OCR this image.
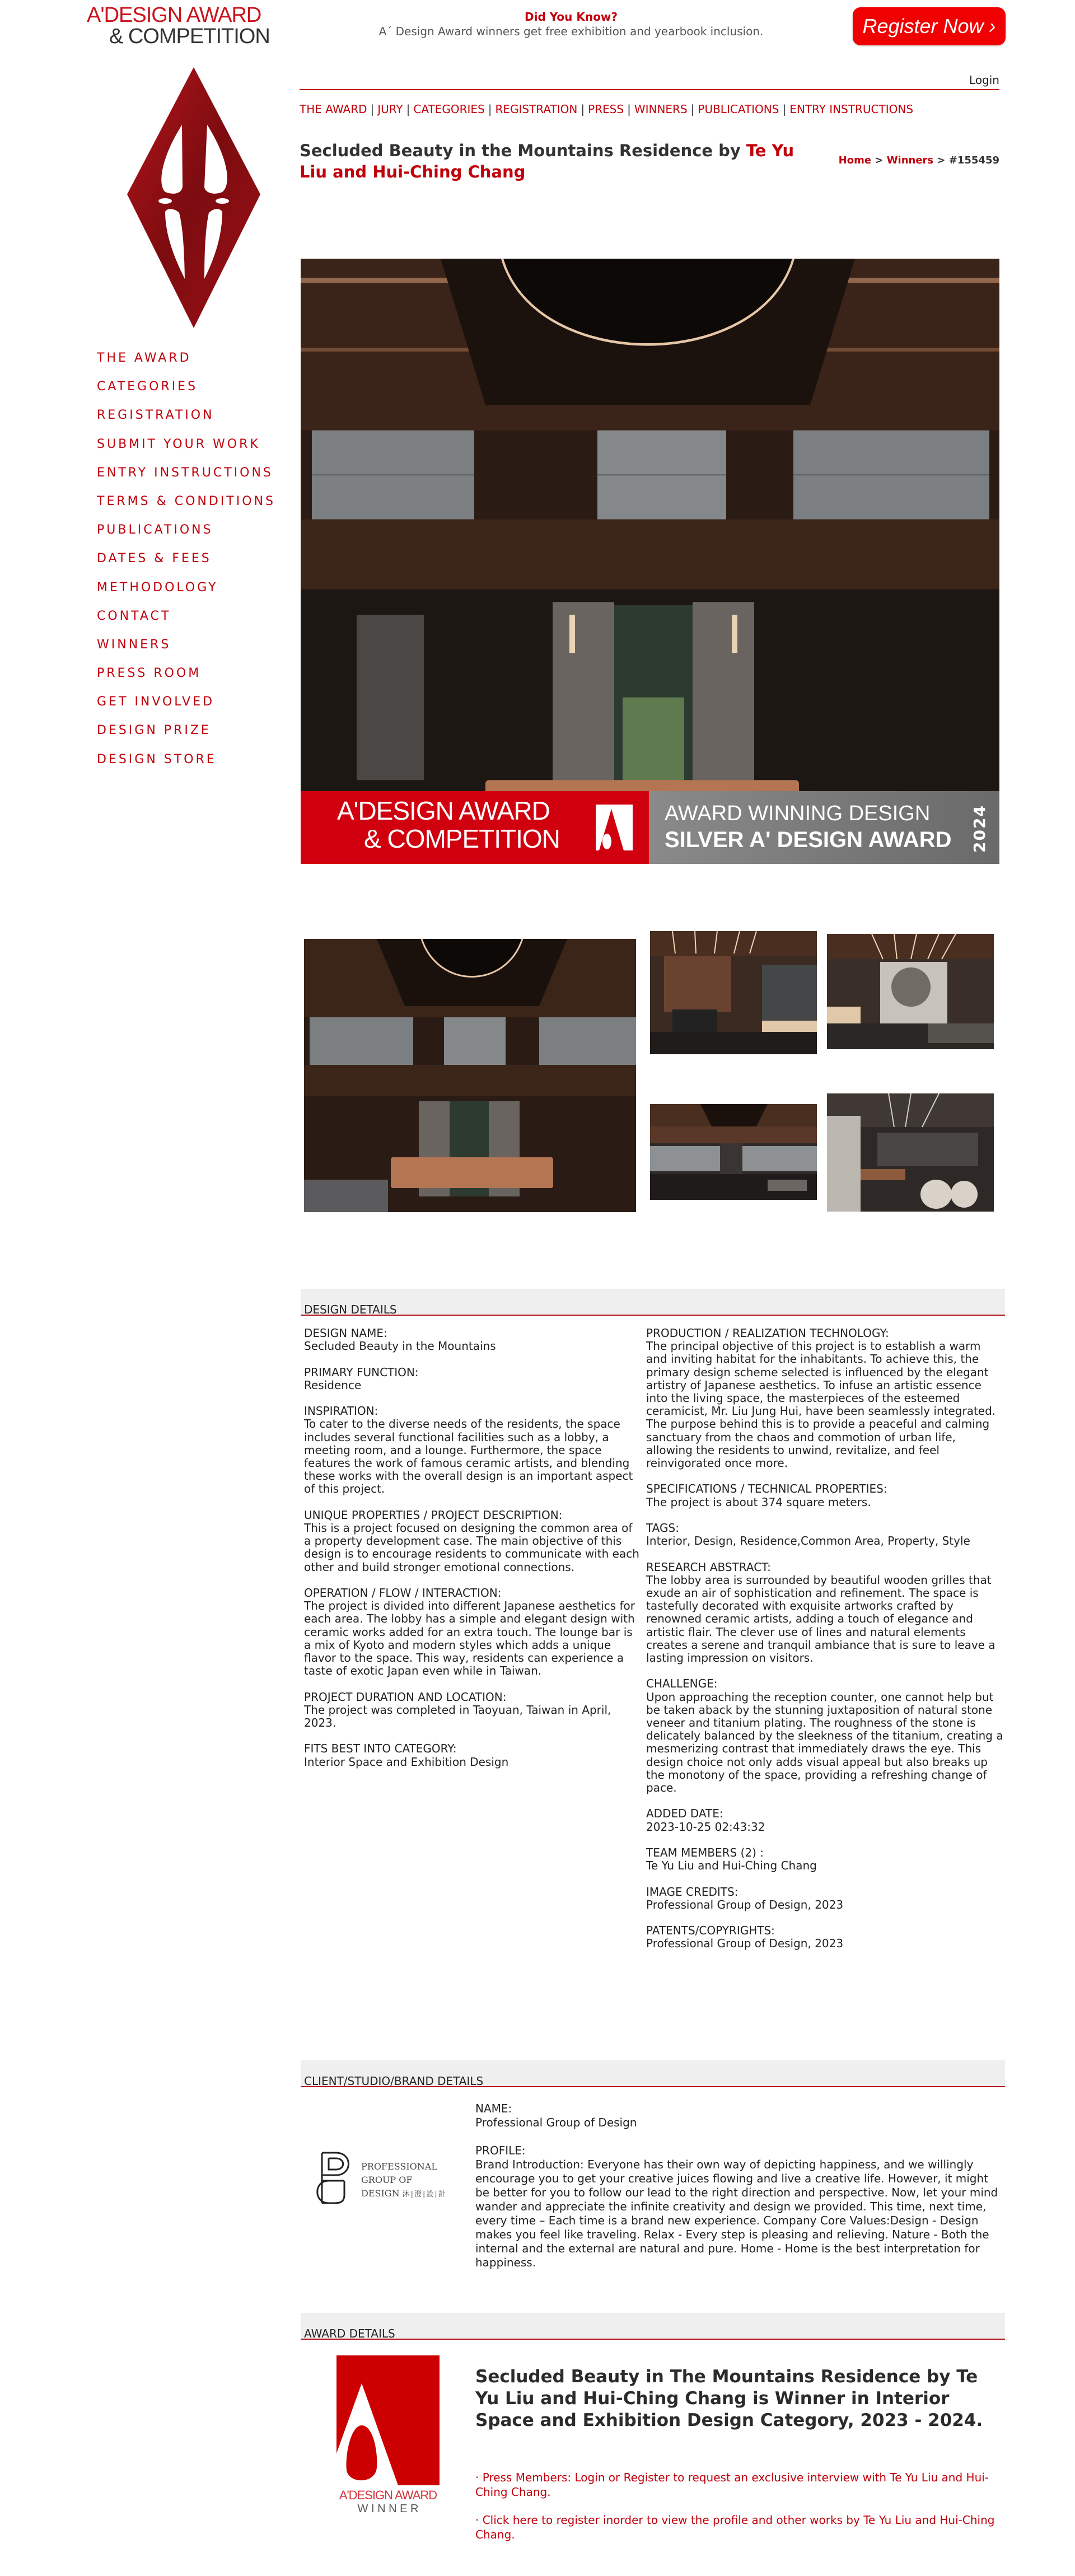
A'DESIGN AWARD
& COMPETITION
Did You Know?
A´ Design Award winners get free exhibition and yearbook inclusion.	Register Now ›
Login
THE AWARD | JURY | CATEGORIES | REGISTRATION | PRESS | WINNERS | PUBLICATIONS | ENTRY INSTRUCTIONS
Secluded Beauty in the Mountains Residence by Te Yu Liu and Hui-Ching Chang
Home > Winners > #155459
THE AWARD
CATEGORIES
REGISTRATION
SUBMIT YOUR WORK
ENTRY INSTRUCTIONS
TERMS & CONDITIONS
PUBLICATIONS
DATES & FEES
METHODOLOGY
CONTACT
WINNERS
PRESS ROOM
GET INVOLVED
DESIGN PRIZE
DESIGN STORE
A'DESIGN AWARD
& COMPETITION
AWARD WINNING DESIGN
SILVER A' DESIGN AWARD 2024
DESIGN DETAILS
DESIGN NAME:
Secluded Beauty in the Mountains
PRIMARY FUNCTION:
Residence
INSPIRATION:
To cater to the diverse needs of the residents, the space includes several functional facilities such as a lobby, a meeting room, and a lounge. Furthermore, the space features the work of famous ceramic artists, and blending these works with the overall design is an important aspect of this project.
UNIQUE PROPERTIES / PROJECT DESCRIPTION:
This is a project focused on designing the common area of a property development case. The main objective of this design is to encourage residents to communicate with each other and build stronger emotional connections.
OPERATION / FLOW / INTERACTION:
The project is divided into different Japanese aesthetics for each area. The lobby has a simple and elegant design with ceramic works added for an extra touch. The lounge bar is a mix of Kyoto and modern styles which adds a unique flavor to the space. This way, residents can experience a taste of exotic Japan even while in Taiwan.
PROJECT DURATION AND LOCATION:
The project was completed in Taoyuan, Taiwan in April, 2023.
FITS BEST INTO CATEGORY:
Interior Space and Exhibition Design
PRODUCTION / REALIZATION TECHNOLOGY:
The principal objective of this project is to establish a warm and inviting habitat for the inhabitants. To achieve this, the primary design scheme selected is influenced by the elegant artistry of Japanese aesthetics. To infuse an artistic essence into the living space, the masterpieces of the esteemed ceramicist, Mr. Liu Jung Hui, have been seamlessly integrated. The purpose behind this is to provide a peaceful and calming sanctuary from the chaos and commotion of urban life, allowing the residents to unwind, revitalize, and feel reinvigorated once more.
SPECIFICATIONS / TECHNICAL PROPERTIES:
The project is about 374 square meters.
TAGS:
Interior, Design, Residence,Common Area, Property, Style
RESEARCH ABSTRACT:
The lobby area is surrounded by beautiful wooden grilles that exude an air of sophistication and refinement. The space is tastefully decorated with exquisite artworks crafted by renowned ceramic artists, adding a touch of elegance and artistic flair. The clever use of lines and natural elements creates a serene and tranquil ambiance that is sure to leave a lasting impression on visitors.
CHALLENGE:
Upon approaching the reception counter, one cannot help but be taken aback by the stunning juxtaposition of natural stone veneer and titanium plating. The roughness of the stone is delicately balanced by the sleekness of the titanium, creating a mesmerizing contrast that immediately draws the eye. This design choice not only adds visual appeal but also breaks up the monotony of the space, providing a refreshing change of pace.
ADDED DATE:
2023-10-25 02:43:32
TEAM MEMBERS (2) :
Te Yu Liu and Hui-Ching Chang
IMAGE CREDITS:
Professional Group of Design, 2023
PATENTS/COPYRIGHTS:
Professional Group of Design, 2023
CLIENT/STUDIO/BRAND DETAILS
PROFESSIONAL
GROUP OF
DESIGN 沐|澄|設|計
NAME:
Professional Group of Design
PROFILE:
Brand Introduction: Everyone has their own way of depicting happiness, and we willingly encourage you to get your creative juices flowing and live a creative life. However, it might be better for you to follow our lead to the right direction and perspective. Now, let your mind wander and appreciate the infinite creativity and design we provided. This time, next time, every time – Each time is a brand new experience. Company Core Values:Design - Design makes you feel like traveling. Relax - Every step is pleasing and relieving. Nature - Both the internal and the external are natural and pure. Home - Home is the best interpretation for happiness.
AWARD DETAILS
A'DESIGN AWARD
W I N N E R
Secluded Beauty in The Mountains Residence by Te Yu Liu and Hui-Ching Chang is Winner in Interior Space and Exhibition Design Category, 2023 - 2024.
· Press Members: Login or Register to request an exclusive interview with Te Yu Liu and Hui-Ching Chang.
· Click here to register inorder to view the profile and other works by Te Yu Liu and Hui-Ching Chang.
